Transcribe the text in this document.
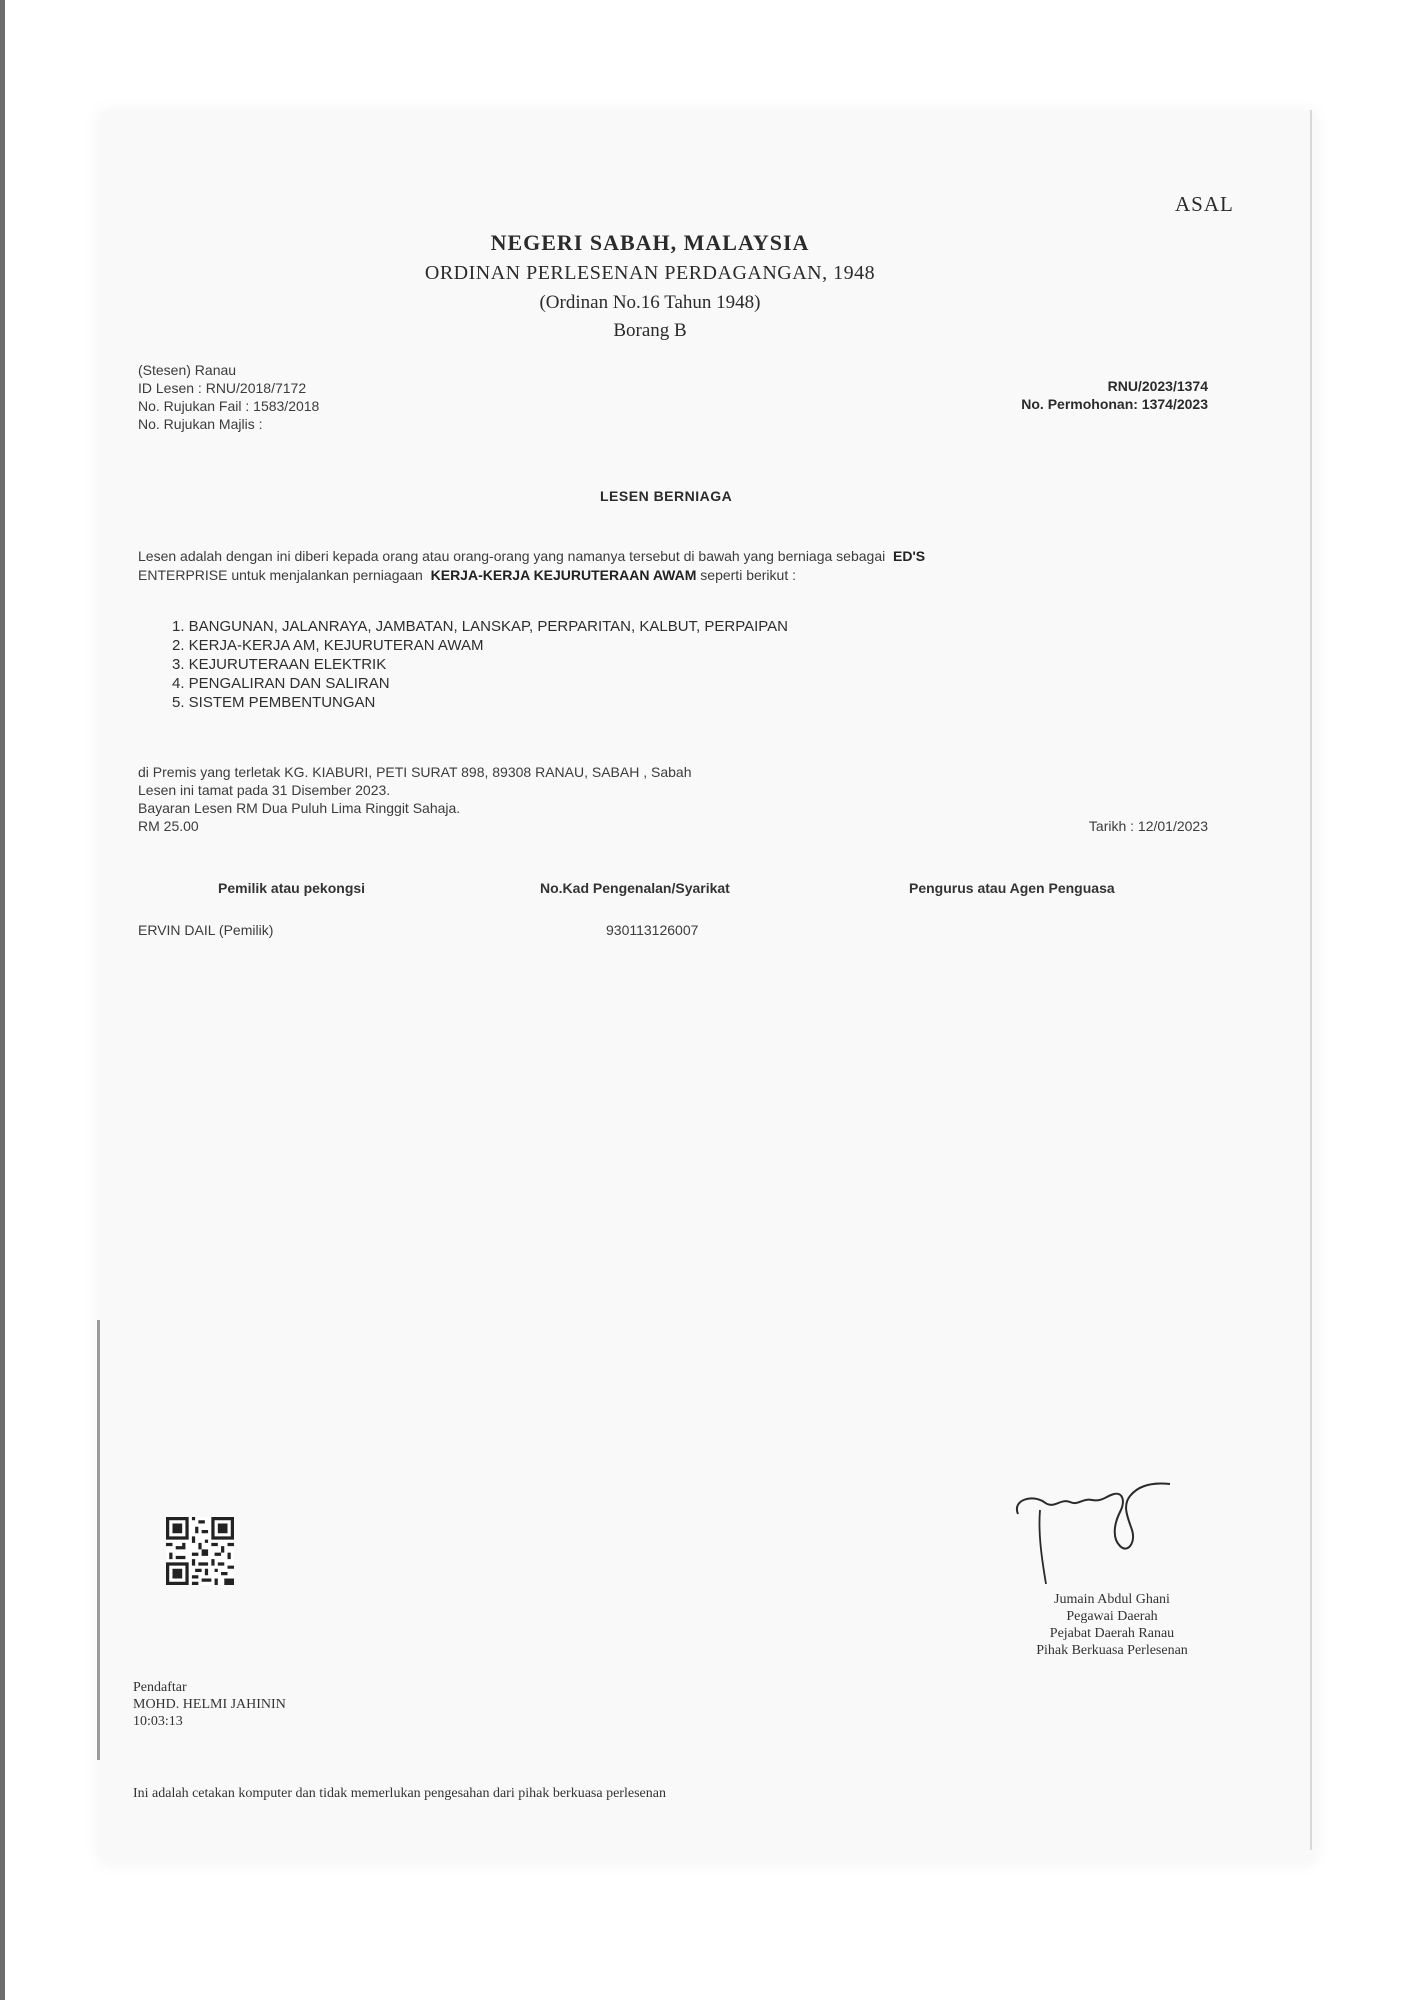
ASAL
NEGERI SABAH, MALAYSIA
ORDINAN PERLESENAN PERDAGANGAN, 1948
(Ordinan No.16 Tahun 1948)
Borang B
(Stesen) Ranau
ID Lesen : RNU/2018/7172
No. Rujukan Fail : 1583/2018
No. Rujukan Majlis :
RNU/2023/1374
No. Permohonan: 1374/2023
LESEN BERNIAGA
Lesen adalah dengan ini diberi kepada orang atau orang-orang yang namanya tersebut di bawah yang berniaga sebagai ED'S
ENTERPRISE untuk menjalankan perniagaan KERJA-KERJA KEJURUTERAAN AWAM seperti berikut :
1. BANGUNAN, JALANRAYA, JAMBATAN, LANSKAP, PERPARITAN, KALBUT, PERPAIPAN
2. KERJA-KERJA AM, KEJURUTERAN AWAM
3. KEJURUTERAAN ELEKTRIK
4. PENGALIRAN DAN SALIRAN
5. SISTEM PEMBENTUNGAN
di Premis yang terletak KG. KIABURI, PETI SURAT 898, 89308 RANAU, SABAH , Sabah
Lesen ini tamat pada 31 Disember 2023.
Bayaran Lesen RM Dua Puluh Lima Ringgit Sahaja.
RM 25.00	Tarikh : 12/01/2023
Pemilik atau pekongsi	No.Kad Pengenalan/Syarikat	Pengurus atau Agen Penguasa
ERVIN DAIL (Pemilik)	930113126007
Jumain Abdul Ghani
Pegawai Daerah
Pejabat Daerah Ranau
Pihak Berkuasa Perlesenan
Pendaftar
MOHD. HELMI JAHININ
10:03:13
Ini adalah cetakan komputer dan tidak memerlukan pengesahan dari pihak berkuasa perlesenan
